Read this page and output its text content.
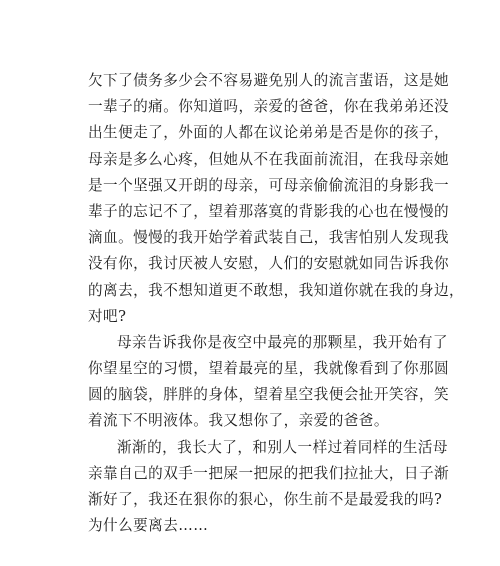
欠下了债务多少会不容易避免别人的流言蜚语，这是她
一辈子的痛。你知道吗，亲爱的爸爸，你在我弟弟还没
出生便走了，外面的人都在议论弟弟是否是你的孩子，
母亲是多么心疼，但她从不在我面前流泪，在我母亲她
是一个坚强又开朗的母亲，可母亲偷偷流泪的身影我一
辈子的忘记不了，望着那落寞的背影我的心也在慢慢的
滴血。慢慢的我开始学着武装自己，我害怕别人发现我
没有你，我讨厌被人安慰，人们的安慰就如同告诉我你
的离去，我不想知道更不敢想，我知道你就在我的身边，
对吧?
母亲告诉我你是夜空中最亮的那颗星，我开始有了
你望星空的习惯，望着最亮的星，我就像看到了你那圆
圆的脑袋，胖胖的身体，望着星空我便会扯开笑容，笑
着流下不明液体。我又想你了，亲爱的爸爸。
渐渐的，我长大了，和别人一样过着同样的生活母
亲靠自己的双手一把屎一把尿的把我们拉扯大，日子渐
渐好了，我还在狠你的狠心，你生前不是最爱我的吗?
为什么要离去……
